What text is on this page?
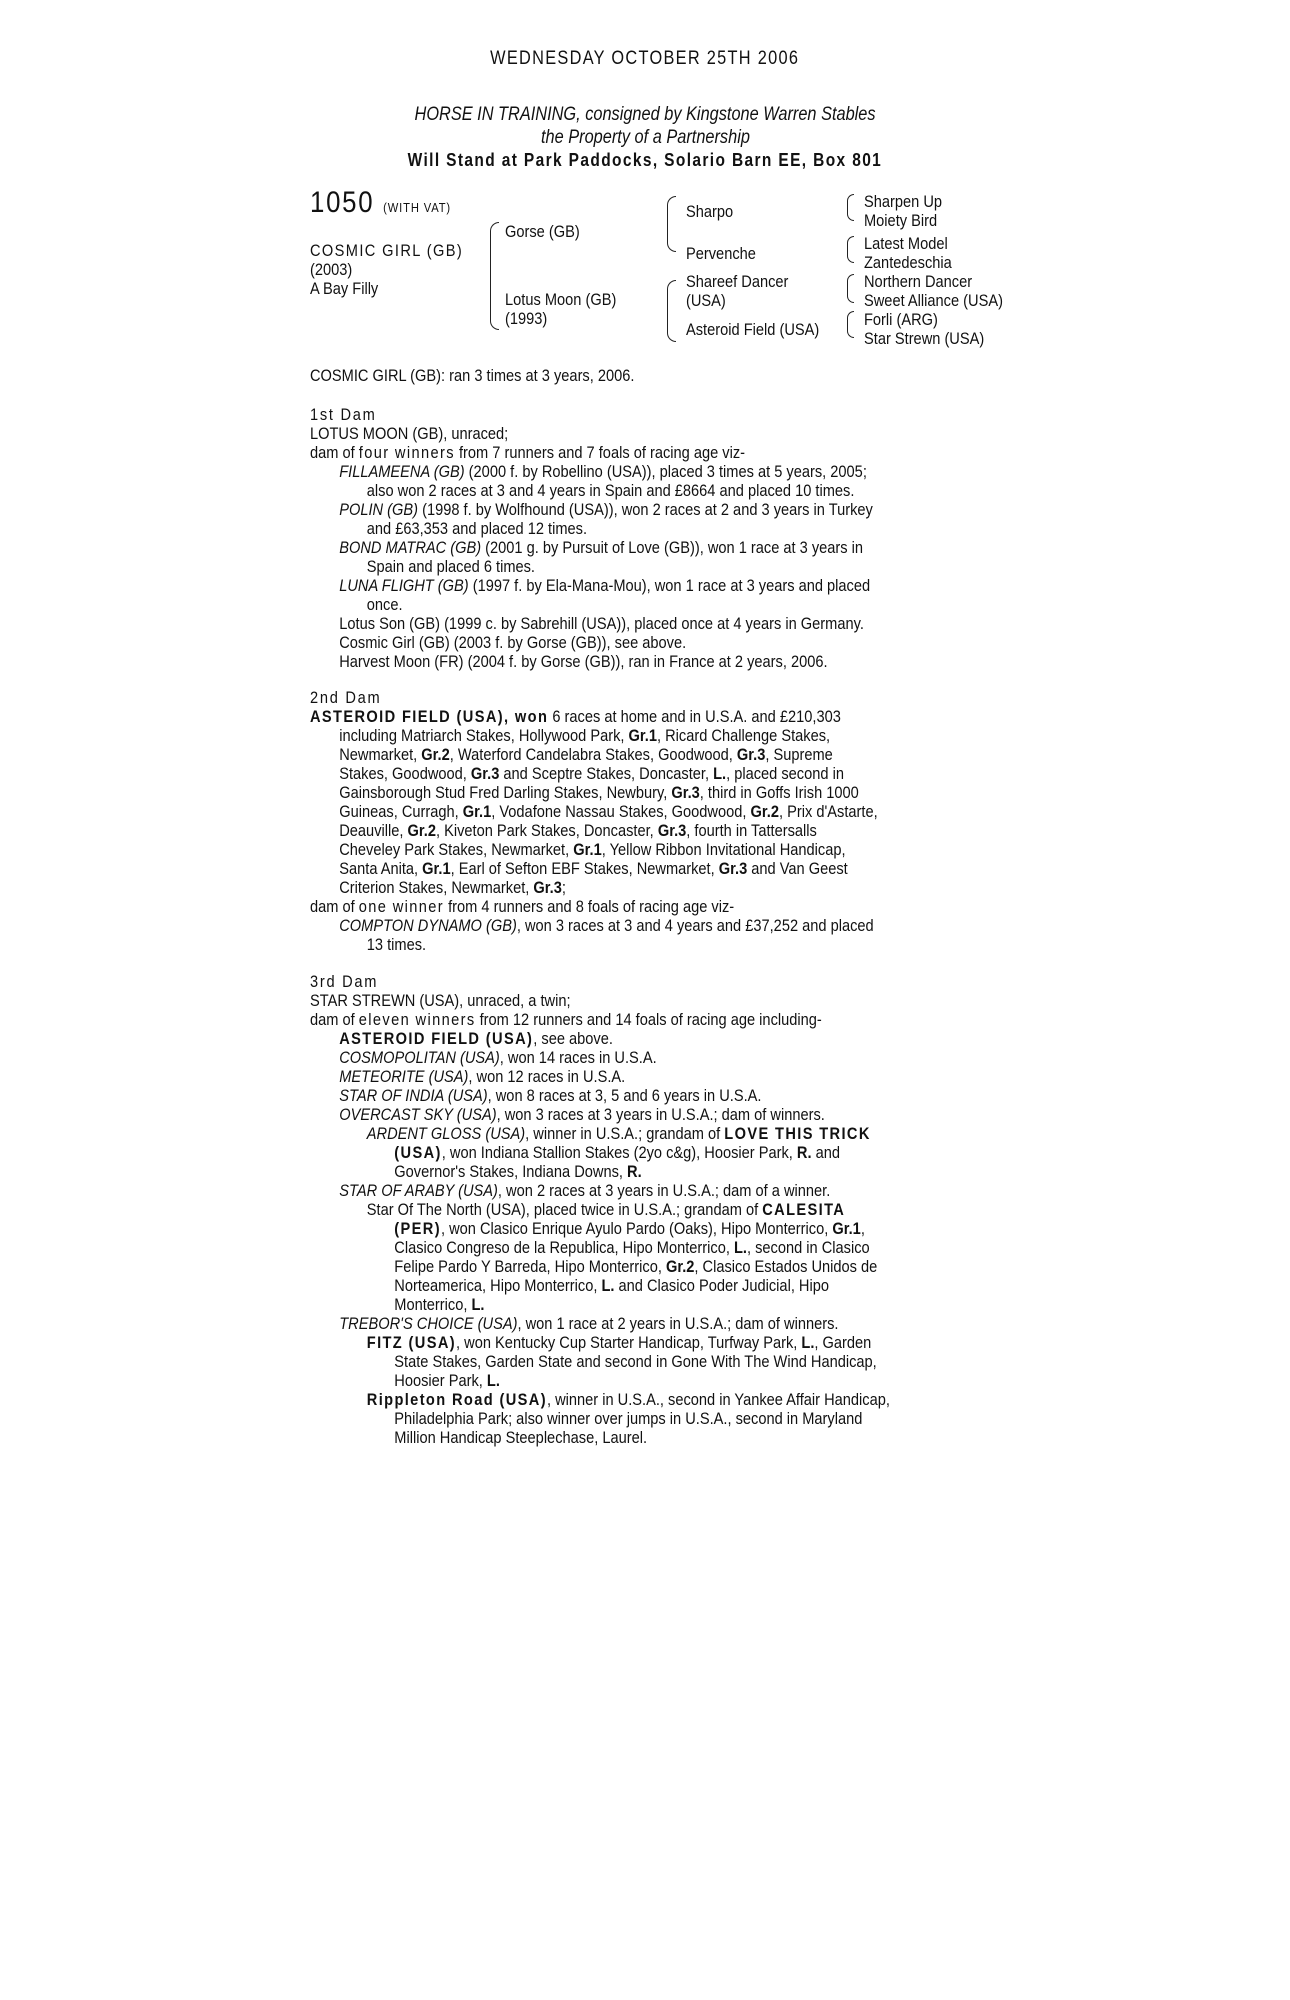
WEDNESDAY OCTOBER 25TH 2006
HORSE IN TRAINING, consigned by Kingstone Warren Stables
the Property of a Partnership
Will Stand at Park Paddocks, Solario Barn EE, Box 801
1050 (WITH VAT)
COSMIC GIRL (GB)
(2003)
A Bay Filly
Gorse (GB)
Lotus Moon (GB)
(1993)
Sharpo
Pervenche
Shareef Dancer
(USA)
Asteroid Field (USA)
Sharpen Up
Moiety Bird
Latest Model
Zantedeschia
Northern Dancer
Sweet Alliance (USA)
Forli (ARG)
Star Strewn (USA)
COSMIC GIRL (GB): ran 3 times at 3 years, 2006.
1st Dam
LOTUS MOON (GB), unraced;
dam of four winners from 7 runners and 7 foals of racing age viz-
FILLAMEENA (GB) (2000 f. by Robellino (USA)), placed 3 times at 5 years, 2005;
also won 2 races at 3 and 4 years in Spain and £8664 and placed 10 times.
POLIN (GB) (1998 f. by Wolfhound (USA)), won 2 races at 2 and 3 years in Turkey
and £63,353 and placed 12 times.
BOND MATRAC (GB) (2001 g. by Pursuit of Love (GB)), won 1 race at 3 years in
Spain and placed 6 times.
LUNA FLIGHT (GB) (1997 f. by Ela-Mana-Mou), won 1 race at 3 years and placed
once.
Lotus Son (GB) (1999 c. by Sabrehill (USA)), placed once at 4 years in Germany.
Cosmic Girl (GB) (2003 f. by Gorse (GB)), see above.
Harvest Moon (FR) (2004 f. by Gorse (GB)), ran in France at 2 years, 2006.
2nd Dam
ASTEROID FIELD (USA), won 6 races at home and in U.S.A. and £210,303
including Matriarch Stakes, Hollywood Park, Gr.1, Ricard Challenge Stakes,
Newmarket, Gr.2, Waterford Candelabra Stakes, Goodwood, Gr.3, Supreme
Stakes, Goodwood, Gr.3 and Sceptre Stakes, Doncaster, L., placed second in
Gainsborough Stud Fred Darling Stakes, Newbury, Gr.3, third in Goffs Irish 1000
Guineas, Curragh, Gr.1, Vodafone Nassau Stakes, Goodwood, Gr.2, Prix d'Astarte,
Deauville, Gr.2, Kiveton Park Stakes, Doncaster, Gr.3, fourth in Tattersalls
Cheveley Park Stakes, Newmarket, Gr.1, Yellow Ribbon Invitational Handicap,
Santa Anita, Gr.1, Earl of Sefton EBF Stakes, Newmarket, Gr.3 and Van Geest
Criterion Stakes, Newmarket, Gr.3;
dam of one winner from 4 runners and 8 foals of racing age viz-
COMPTON DYNAMO (GB), won 3 races at 3 and 4 years and £37,252 and placed
13 times.
3rd Dam
STAR STREWN (USA), unraced, a twin;
dam of eleven winners from 12 runners and 14 foals of racing age including-
ASTEROID FIELD (USA), see above.
COSMOPOLITAN (USA), won 14 races in U.S.A.
METEORITE (USA), won 12 races in U.S.A.
STAR OF INDIA (USA), won 8 races at 3, 5 and 6 years in U.S.A.
OVERCAST SKY (USA), won 3 races at 3 years in U.S.A.; dam of winners.
ARDENT GLOSS (USA), winner in U.S.A.; grandam of LOVE THIS TRICK
(USA), won Indiana Stallion Stakes (2yo c&g), Hoosier Park, R. and
Governor's Stakes, Indiana Downs, R.
STAR OF ARABY (USA), won 2 races at 3 years in U.S.A.; dam of a winner.
Star Of The North (USA), placed twice in U.S.A.; grandam of CALESITA
(PER), won Clasico Enrique Ayulo Pardo (Oaks), Hipo Monterrico, Gr.1,
Clasico Congreso de la Republica, Hipo Monterrico, L., second in Clasico
Felipe Pardo Y Barreda, Hipo Monterrico, Gr.2, Clasico Estados Unidos de
Norteamerica, Hipo Monterrico, L. and Clasico Poder Judicial, Hipo
Monterrico, L.
TREBOR'S CHOICE (USA), won 1 race at 2 years in U.S.A.; dam of winners.
FITZ (USA), won Kentucky Cup Starter Handicap, Turfway Park, L., Garden
State Stakes, Garden State and second in Gone With The Wind Handicap,
Hoosier Park, L.
Rippleton Road (USA), winner in U.S.A., second in Yankee Affair Handicap,
Philadelphia Park; also winner over jumps in U.S.A., second in Maryland
Million Handicap Steeplechase, Laurel.
